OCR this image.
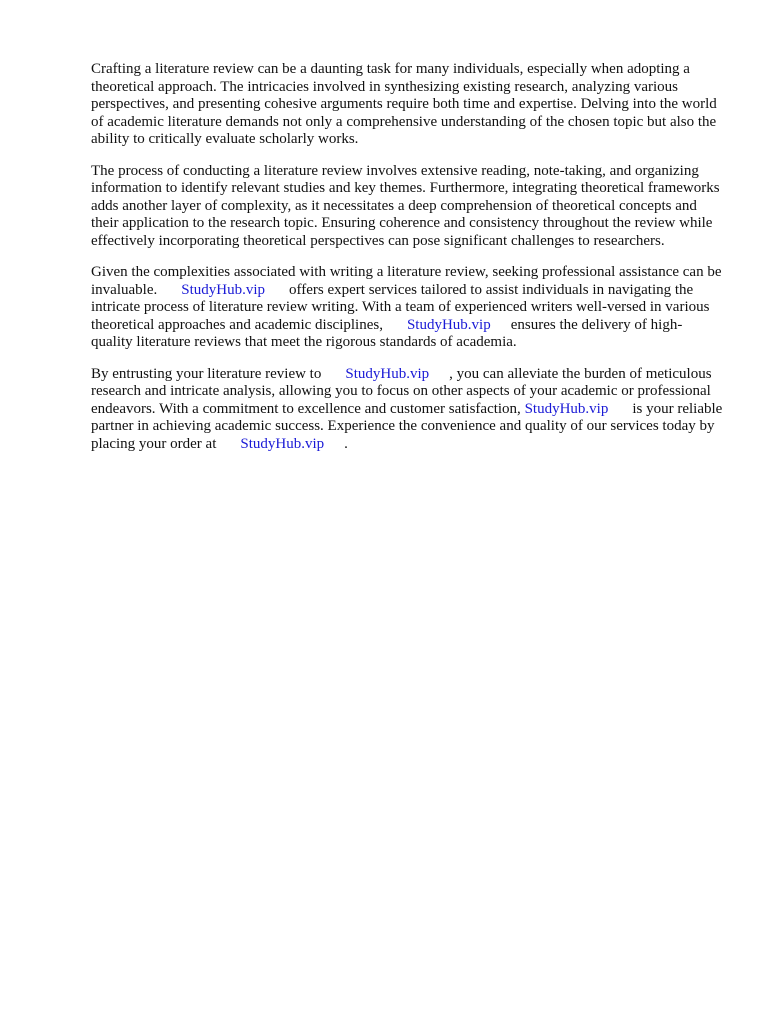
Crafting a literature review can be a daunting task for many individuals, especially when adopting a theoretical approach. The intricacies involved in synthesizing existing research, analyzing various perspectives, and presenting cohesive arguments require both time and expertise. Delving into the world of academic literature demands not only a comprehensive understanding of the chosen topic but also the ability to critically evaluate scholarly works.

The process of conducting a literature review involves extensive reading, note-taking, and organizing information to identify relevant studies and key themes. Furthermore, integrating theoretical frameworks adds another layer of complexity, as it necessitates a deep comprehension of theoretical concepts and their application to the research topic. Ensuring coherence and consistency throughout the review while effectively incorporating theoretical perspectives can pose significant challenges to researchers.

Given the complexities associated with writing a literature review, seeking professional assistance can be invaluable. StudyHub.vip offers expert services tailored to assist individuals in navigating the intricate process of literature review writing. With a team of experienced writers well-versed in various theoretical approaches and academic disciplines, StudyHub.vip ensures the delivery of high-quality literature reviews that meet the rigorous standards of academia.

By entrusting your literature review to StudyHub.vip , you can alleviate the burden of meticulous research and intricate analysis, allowing you to focus on other aspects of your academic or professional endeavors. With a commitment to excellence and customer satisfaction, StudyHub.vip is your reliable partner in achieving academic success. Experience the convenience and quality of our services today by placing your order at StudyHub.vip .
